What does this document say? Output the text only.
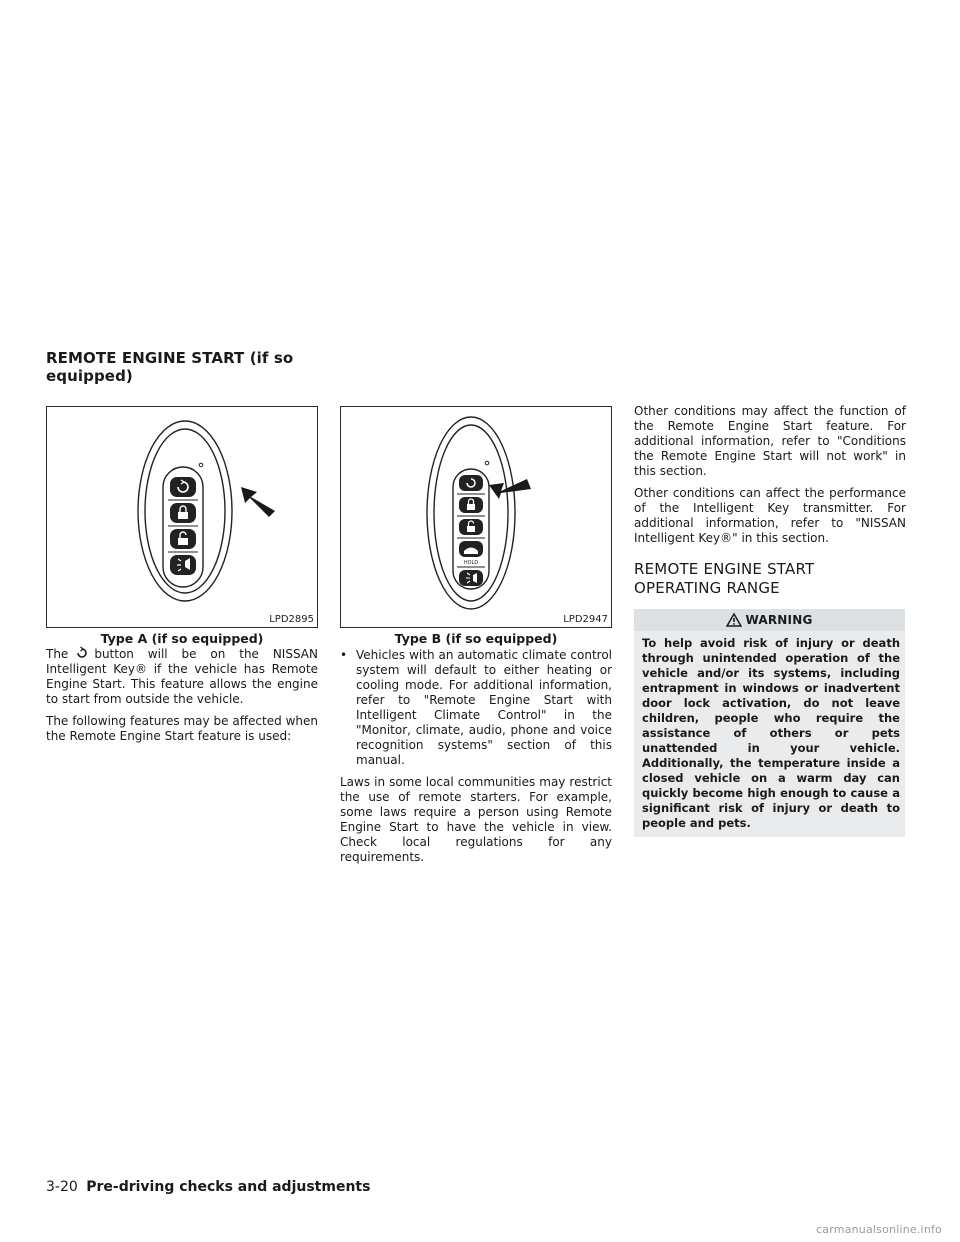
REMOTE ENGINE START (if so equipped)
LPD2895
Type A (if so equipped)
HOLD
LPD2947
Type B (if so equipped)

The button will be on the NISSAN Intelligent Key® if the vehicle has Remote Engine Start. This feature allows the engine to start from outside the vehicle.

The following features may be affected when the Remote Engine Start feature is used:

• Vehicles with an automatic climate control system will default to either heating or cooling mode. For additional information, refer to "Remote Engine Start with Intelligent Climate Control" in the "Monitor, climate, audio, phone and voice recognition systems" section of this manual.

Laws in some local communities may restrict the use of remote starters. For example, some laws require a person using Remote Engine Start to have the vehicle in view. Check local regulations for any requirements.

Other conditions may affect the function of the Remote Engine Start feature. For additional information, refer to "Conditions the Remote Engine Start will not work" in this section.

Other conditions can affect the performance of the Intelligent Key transmitter. For additional information, refer to "NISSAN Intelligent Key®" in this section.

REMOTE ENGINE START
OPERATING RANGE
WARNING
To help avoid risk of injury or death through unintended operation of the vehicle and/or its systems, including entrapment in windows or inadvertent door lock activation, do not leave children, people who require the assistance of others or pets unattended in your vehicle. Additionally, the temperature inside a closed vehicle on a warm day can quickly become high enough to cause a significant risk of injury or death to people and pets.
3-20 Pre-driving checks and adjustments
carmanualsonline.info
